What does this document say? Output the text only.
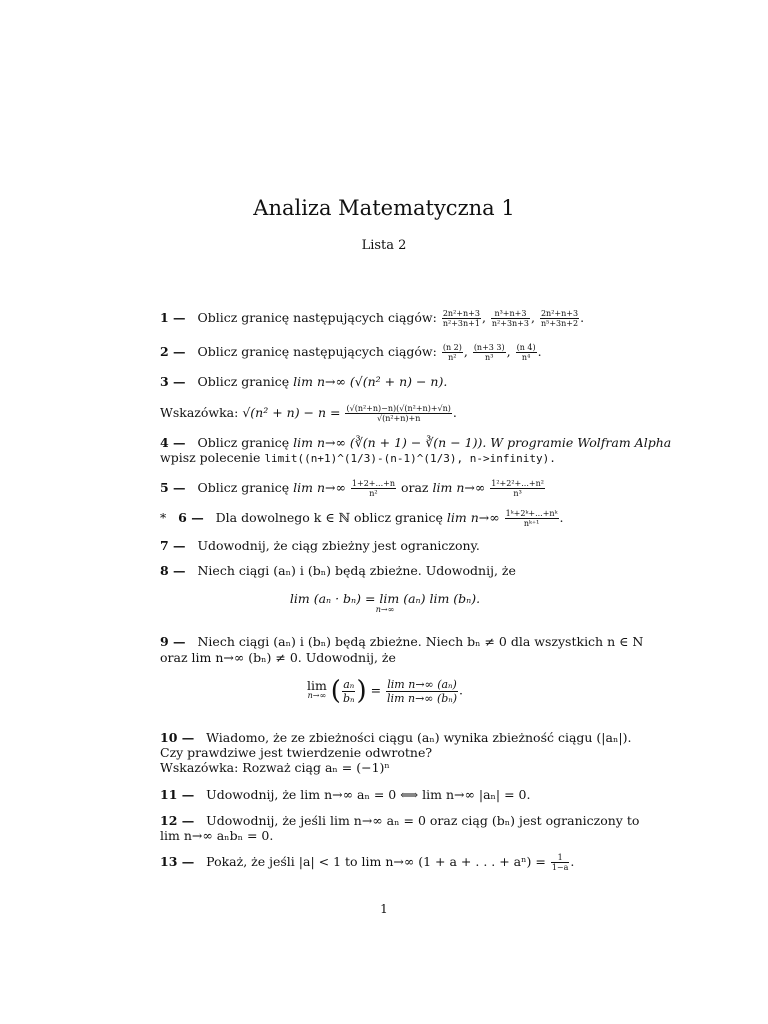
Analiza Matematyczna 1
Lista 2
1 — Oblicz granicę następujących ciągów: $\frac{\text{2n²+n+3}}{\text{n²+3n+1}}$ , $\frac{\text{n³+n+3}}{\text{n²+3n+3}}$ , $\frac{\text{2n²+n+3}}{\text{n⁵+3n+2}}$ .
2 — Oblicz granicę następujących ciągów: $\frac{(n 2)}{\text{n²}}$ , $\frac{(n+3 3)}{\text{n³}}$ , $\frac{(n 4)}{\text{n⁴}}$ .
3 — Oblicz granicę lim n→∞ (√(n² + n) − n).
Wskazówka: $√(n^2 + n) - n = \frac{\text{(√(n²+n)−n)(√(n²+n)+√n)}}{\text{√(n²+n)+n}}$ .
4 — Oblicz granicę lim n→∞ (∛(n + 1) − ∛(n − 1)). W programie Wolfram Alpha
wpisz polecenie limit((n+1)^(1/3)-(n-1)^(1/3), n->infinity).
5 — Oblicz granicę $\lim n\to\infty \frac{1+2+...+n}{\text{n²}}$ oraz $\lim n\to\infty \frac{\text{1²+2²+...+n²}}{\text{n³}}$
* 6 — Dla dowolnego k ∈ ℕ oblicz granicę $\lim n\to\infty \frac{\text{1ᵏ+2ᵏ+...+nᵏ}}{\text{nᵏ⁺¹}}$ .
7 — Udowodnij, że ciąg zbieżny jest ograniczony.
8 — Niech ciągi (aₙ) i (bₙ) będą zbieżne. Udowodnij, że
lim (aₙ · bₙ) = lim (aₙ) lim (bₙ).
n→∞
9 — Niech ciągi (aₙ) i (bₙ) będą zbieżne. Niech bₙ ≠ 0 dla wszystkich n ∈ N
oraz lim n→∞ (bₙ) ≠ 0. Udowodnij, że
lim
n→∞ ( $\frac{\text{aₙ}}{\text{bₙ}}$ ) = $\frac{\text{lim n→∞ (aₙ)}}{\text{lim n→∞ (bₙ)}}$ .
10 — Wiadomo, że ze zbieżności ciągu (aₙ) wynika zbieżność ciągu (|aₙ|).
Czy prawdziwe jest twierdzenie odwrotne?
Wskazówka: Rozważ ciąg aₙ = (−1)ⁿ
11 — Udowodnij, że lim n→∞ aₙ = 0 ⟺ lim n→∞ |aₙ| = 0.
12 — Udowodnij, że jeśli lim n→∞ aₙ = 0 oraz ciąg (bₙ) jest ograniczony to
lim n→∞ aₙbₙ = 0.
13 — Pokaż, że jeśli |a| < 1 to lim n→∞ (1 + a + . . . + $a^n) = \frac{1}{1-a}$ .
1
